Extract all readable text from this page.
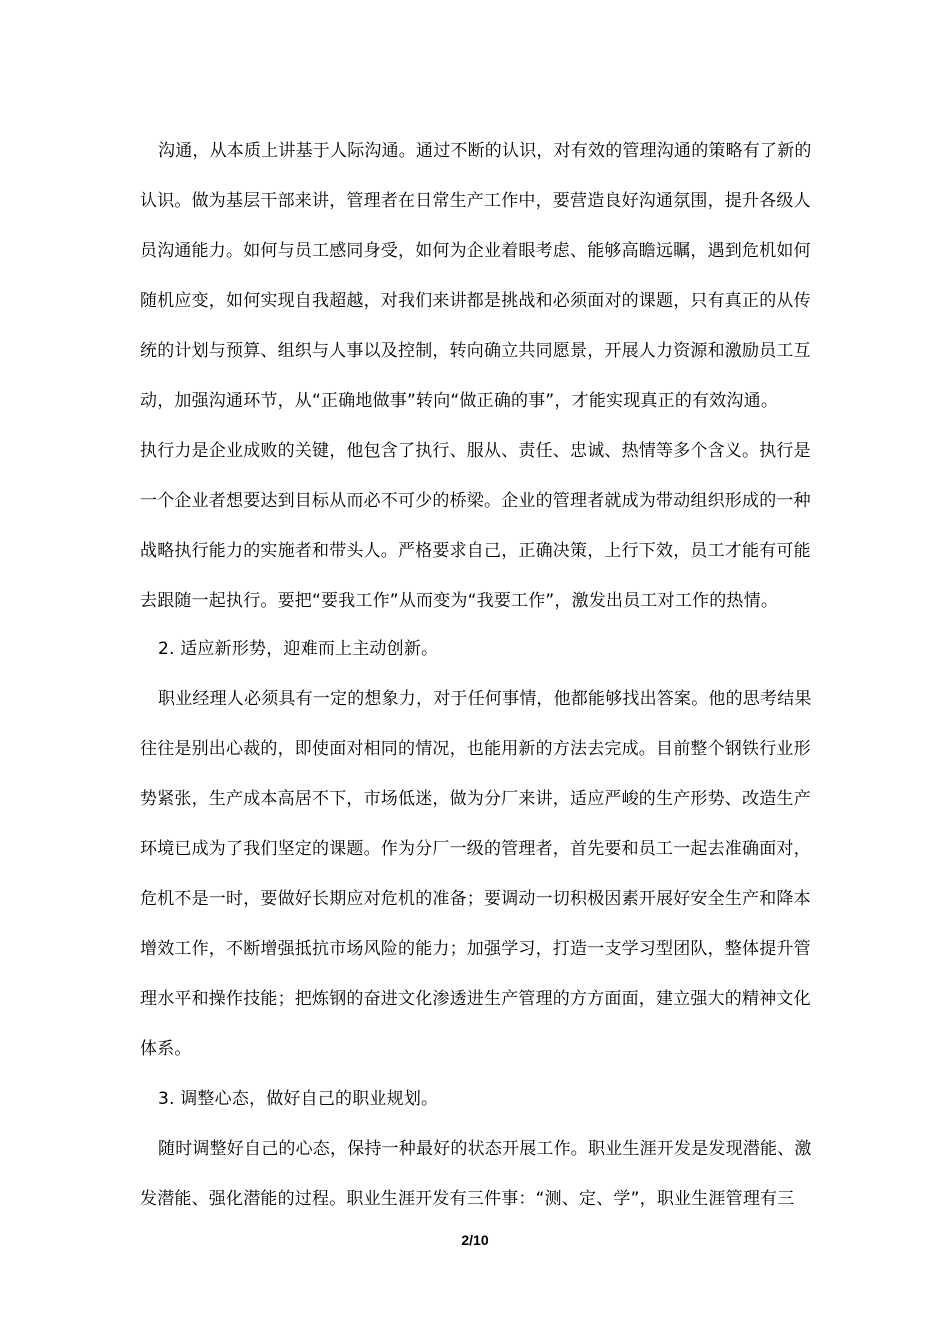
沟通，从本质上讲基于人际沟通。通过不断的认识，对有效的管理沟通的策略有了新的
认识。做为基层干部来讲，管理者在日常生产工作中，要营造良好沟通氛围，提升各级人
员沟通能力。如何与员工感同身受，如何为企业着眼考虑、能够高瞻远瞩，遇到危机如何
随机应变，如何实现自我超越，对我们来讲都是挑战和必须面对的课题，只有真正的从传
统的计划与预算、组织与人事以及控制，转向确立共同愿景，开展人力资源和激励员工互
动，加强沟通环节，从“正确地做事”转向“做正确的事”，才能实现真正的有效沟通。
执行力是企业成败的关键，他包含了执行、服从、责任、忠诚、热情等多个含义。执行是
一个企业者想要达到目标从而必不可少的桥梁。企业的管理者就成为带动组织形成的一种
战略执行能力的实施者和带头人。严格要求自己，正确决策，上行下效，员工才能有可能
去跟随一起执行。要把“要我工作”从而变为“我要工作”，激发出员工对工作的热情。
2. 适应新形势，迎难而上主动创新。
职业经理人必须具有一定的想象力，对于任何事情，他都能够找出答案。他的思考结果
往往是别出心裁的，即使面对相同的情况，也能用新的方法去完成。目前整个钢铁行业形
势紧张，生产成本高居不下，市场低迷，做为分厂来讲，适应严峻的生产形势、改造生产
环境已成为了我们坚定的课题。作为分厂一级的管理者，首先要和员工一起去准确面对，
危机不是一时，要做好长期应对危机的准备；要调动一切积极因素开展好安全生产和降本
增效工作，不断增强抵抗市场风险的能力；加强学习，打造一支学习型团队，整体提升管
理水平和操作技能；把炼钢的奋进文化渗透进生产管理的方方面面，建立强大的精神文化
体系。
3. 调整心态，做好自己的职业规划。
随时调整好自己的心态，保持一种最好的状态开展工作。职业生涯开发是发现潜能、激
发潜能、强化潜能的过程。职业生涯开发有三件事：“测、定、学”，职业生涯管理有三
2/10
